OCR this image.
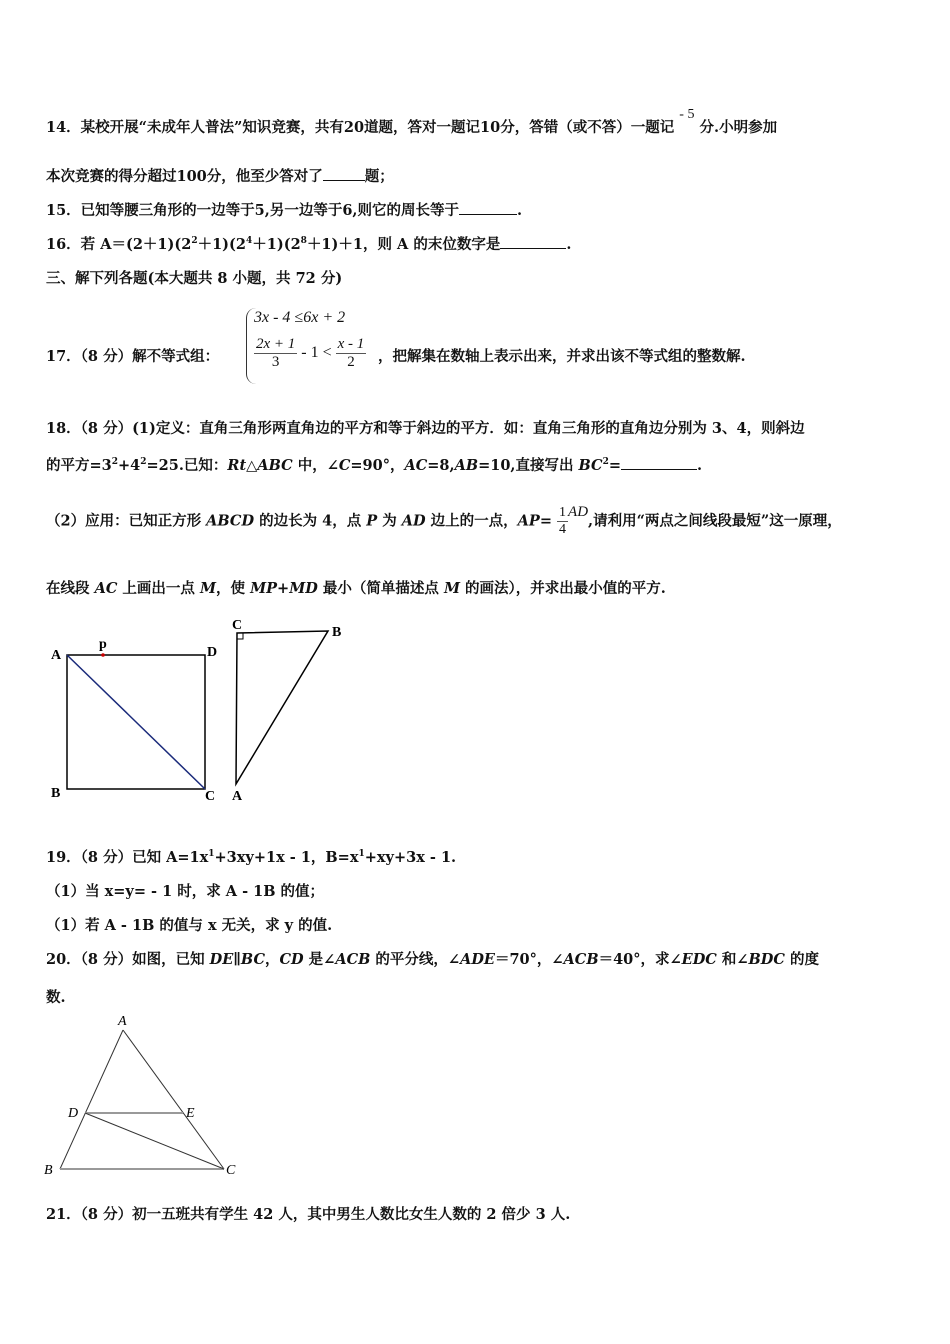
14．某校开展“未成年人普法”知识竞赛，共有20道题，答对一题记10分，答错（或不答）一题记 - 5 分.小明参加
本次竞赛的得分超过100分，他至少答对了	题；
15．已知等腰三角形的一边等于5,另一边等于6,则它的周长等于	.
16．若 $A=(2+1)(2^2+1)(2^4+1)(2^8+1)+1$，则 A 的末位数字是	.
三、解下列各题(本大题共 8 小题，共 72 分)
17．（8 分）解不等式组：
3x - 4 ≤6x + 2
$\frac{2x + 1}{3} - 1 < \frac{x - 1}{2}$ ，把解集在数轴上表示出来，并求出该不等式组的整数解.
18．（8 分）(1)定义：直角三角形两直角边的平方和等于斜边的平方．如：直角三角形的直角边分别为 3、4，则斜边
的平方$=3^2+4^2=25$.已知：Rt△ABC 中，∠C=90°，AC=8,AB=10,直接写出 $BC^2=$	.
（2）应用：已知正方形 ABCD 的边长为 4，点 P 为 AD 边上的一点，$AP= \frac{1}{4}$ AD,请利用“两点之间线段最短”这一原理，
在线段 AC 上画出一点 M，使 MP+MD 最小（简单描述点 M 的画法），并求出最小值的平方.
A
p
D
B	C
C	B
A
19．（8 分）已知 $A=1x^1+3xy+1x - 1$，$B=x^1+xy+3x - 1$.
（1）当 x=y= - 1 时，求 A - 1B 的值；
（1）若 A - 1B 的值与 x 无关，求 y 的值.
20．（8 分）如图，已知 DE∥BC，CD 是∠ACB 的平分线，∠ADE＝70°，∠ACB＝40°，求∠EDC 和∠BDC 的度
数.
A
D	E
B	C
21．（8 分）初一五班共有学生 42 人，其中男生人数比女生人数的 2 倍少 3 人.
